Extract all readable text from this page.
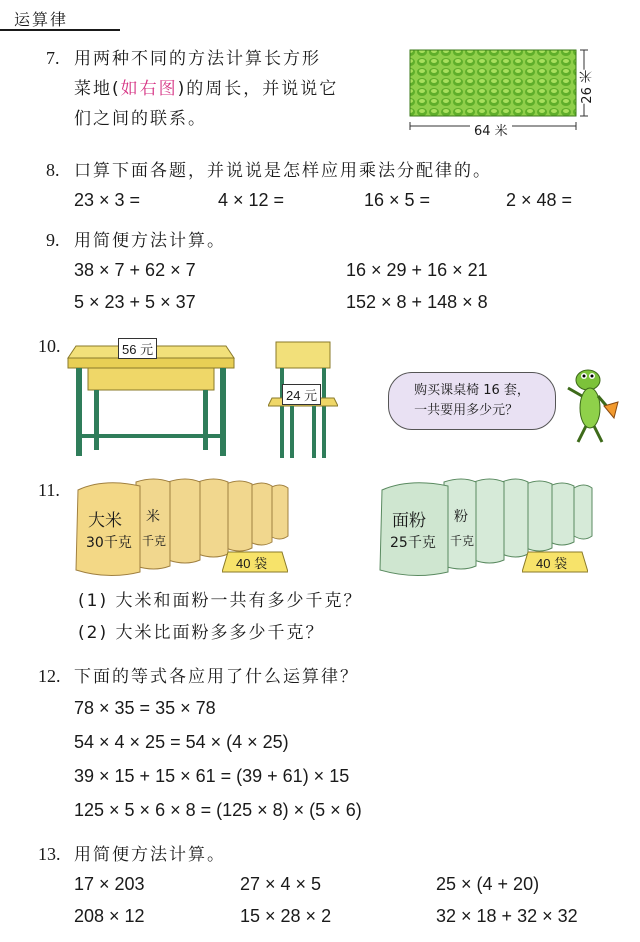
运算律
7. 用两种不同的方法计算长方形
菜地(如右图)的周长，并说说它
们之间的联系。
64 米
26 米
8. 口算下面各题，并说说是怎样应用乘法分配律的。
23 × 3 =	4 × 12 =	16 × 5 =	2 × 48 =
9. 用简便方法计算。
38 × 7 + 62 × 7	16 × 29 + 16 × 21
5 × 23 + 5 × 37	152 × 8 + 148 × 8
10.	56 元
24 元	购买课桌椅 16 套，
一共要用多少元？
11.
大米
30千克
米
千克
40 袋
面粉
25千克
粉
千克
40 袋
(1) 大米和面粉一共有多少千克？
(2) 大米比面粉多多少千克？
12. 下面的等式各应用了什么运算律？
78 × 35 = 35 × 78
54 × 4 × 25 = 54 × (4 × 25)
39 × 15 + 15 × 61 = (39 + 61) × 15
125 × 5 × 6 × 8 = (125 × 8) × (5 × 6)
13. 用简便方法计算。
17 × 203	27 × 4 × 5	25 × (4 + 20)
208 × 12	15 × 28 × 2	32 × 18 + 32 × 32
